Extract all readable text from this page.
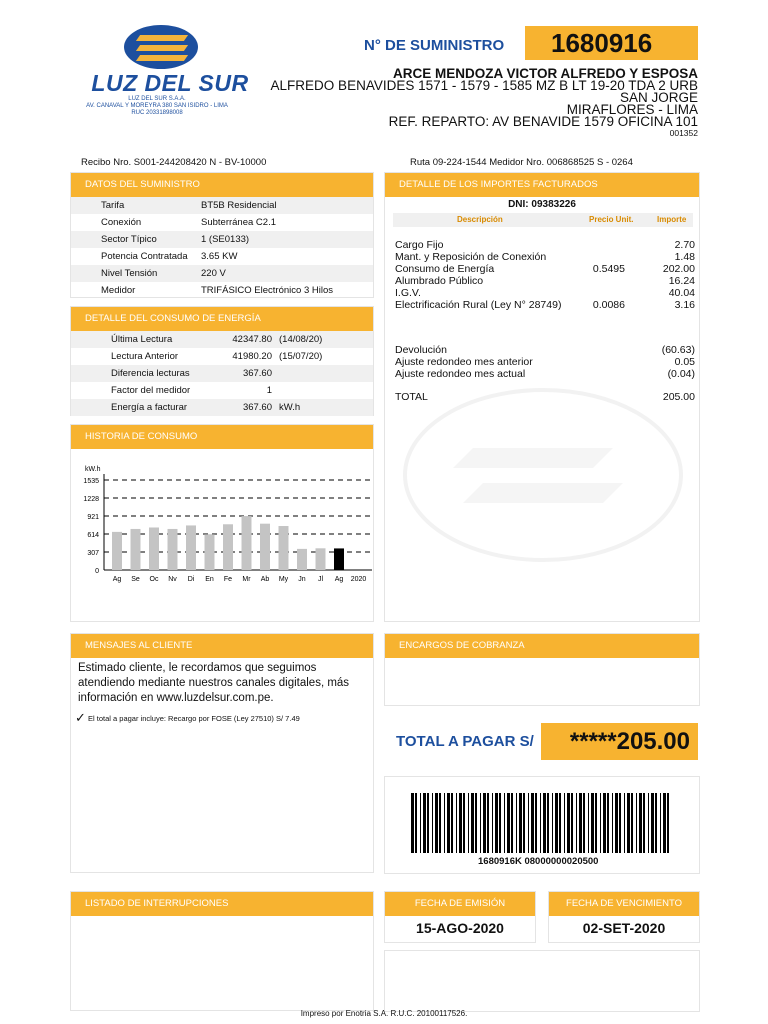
LUZ DEL SUR
LUZ DEL SUR S.A.A.
AV. CANAVAL Y MOREYRA 380 SAN ISIDRO - LIMA
RUC 20331898008
N° DE SUMINISTRO	1680916
ARCE MENDOZA VICTOR ALFREDO Y ESPOSA
ALFREDO BENAVIDES 1571 - 1579 - 1585 MZ B LT 19-20 TDA 2 URB
SAN JORGE
MIRAFLORES - LIMA
REF. REPARTO: AV BENAVIDE 1579 OFICINA 101
001352
Recibo Nro. S001-244208420 N - BV-10000	Ruta 09-224-1544 Medidor Nro. 006868525 S - 0264
DATOS DEL SUMINISTRO
Tarifa	BT5B Residencial
Conexión	Subterránea C2.1
Sector Típico	1 (SE0133)
Potencia Contratada 3.65 KW
Nivel Tensión	220 V
Medidor	TRIFÁSICO Electrónico 3 Hilos
DETALLE DEL CONSUMO DE ENERGÍA
Última Lectura	42347.80 (14/08/20)
Lectura Anterior	41980.20 (15/07/20)
Diferencia lecturas	367.60
Factor del medidor	1
Energía a facturar	367.60 kW.h
HISTORIA DE CONSUMO
kW.h
0
307
614
921
1228
1535
Ag Se Oc Nv Di En Fe Mr Ab My Jn Jl Ag 2020
DETALLE DE LOS IMPORTES FACTURADOS
DNI: 09383226
Descripción	Precio Unit.	Importe
Cargo Fijo	2.70
Mant. y Reposición de Conexión	1.48
Consumo de Energía	0.5495	202.00
Alumbrado Público	16.24
I.G.V.	40.04
Electrificación Rural (Ley N° 28749)	0.0086	3.16
Devolución	(60.63)
Ajuste redondeo mes anterior	0.05
Ajuste redondeo mes actual	(0.04)
TOTAL	205.00
MENSAJES AL CLIENTE
Estimado cliente, le recordamos que seguimos atendiendo mediante nuestros canales digitales, más información en www.luzdelsur.com.pe.
✓ El total a pagar incluye: Recargo por FOSE (Ley 27510) S/ 7.49
ENCARGOS DE COBRANZA
TOTAL A PAGAR S/	*****205.00
1680916K 08000000020500
LISTADO DE INTERRUPCIONES	FECHA DE EMISIÓN
15-AGO-2020
FECHA DE VENCIMIENTO
02-SET-2020
Impreso por Enotria S.A. R.U.C. 20100117526.
